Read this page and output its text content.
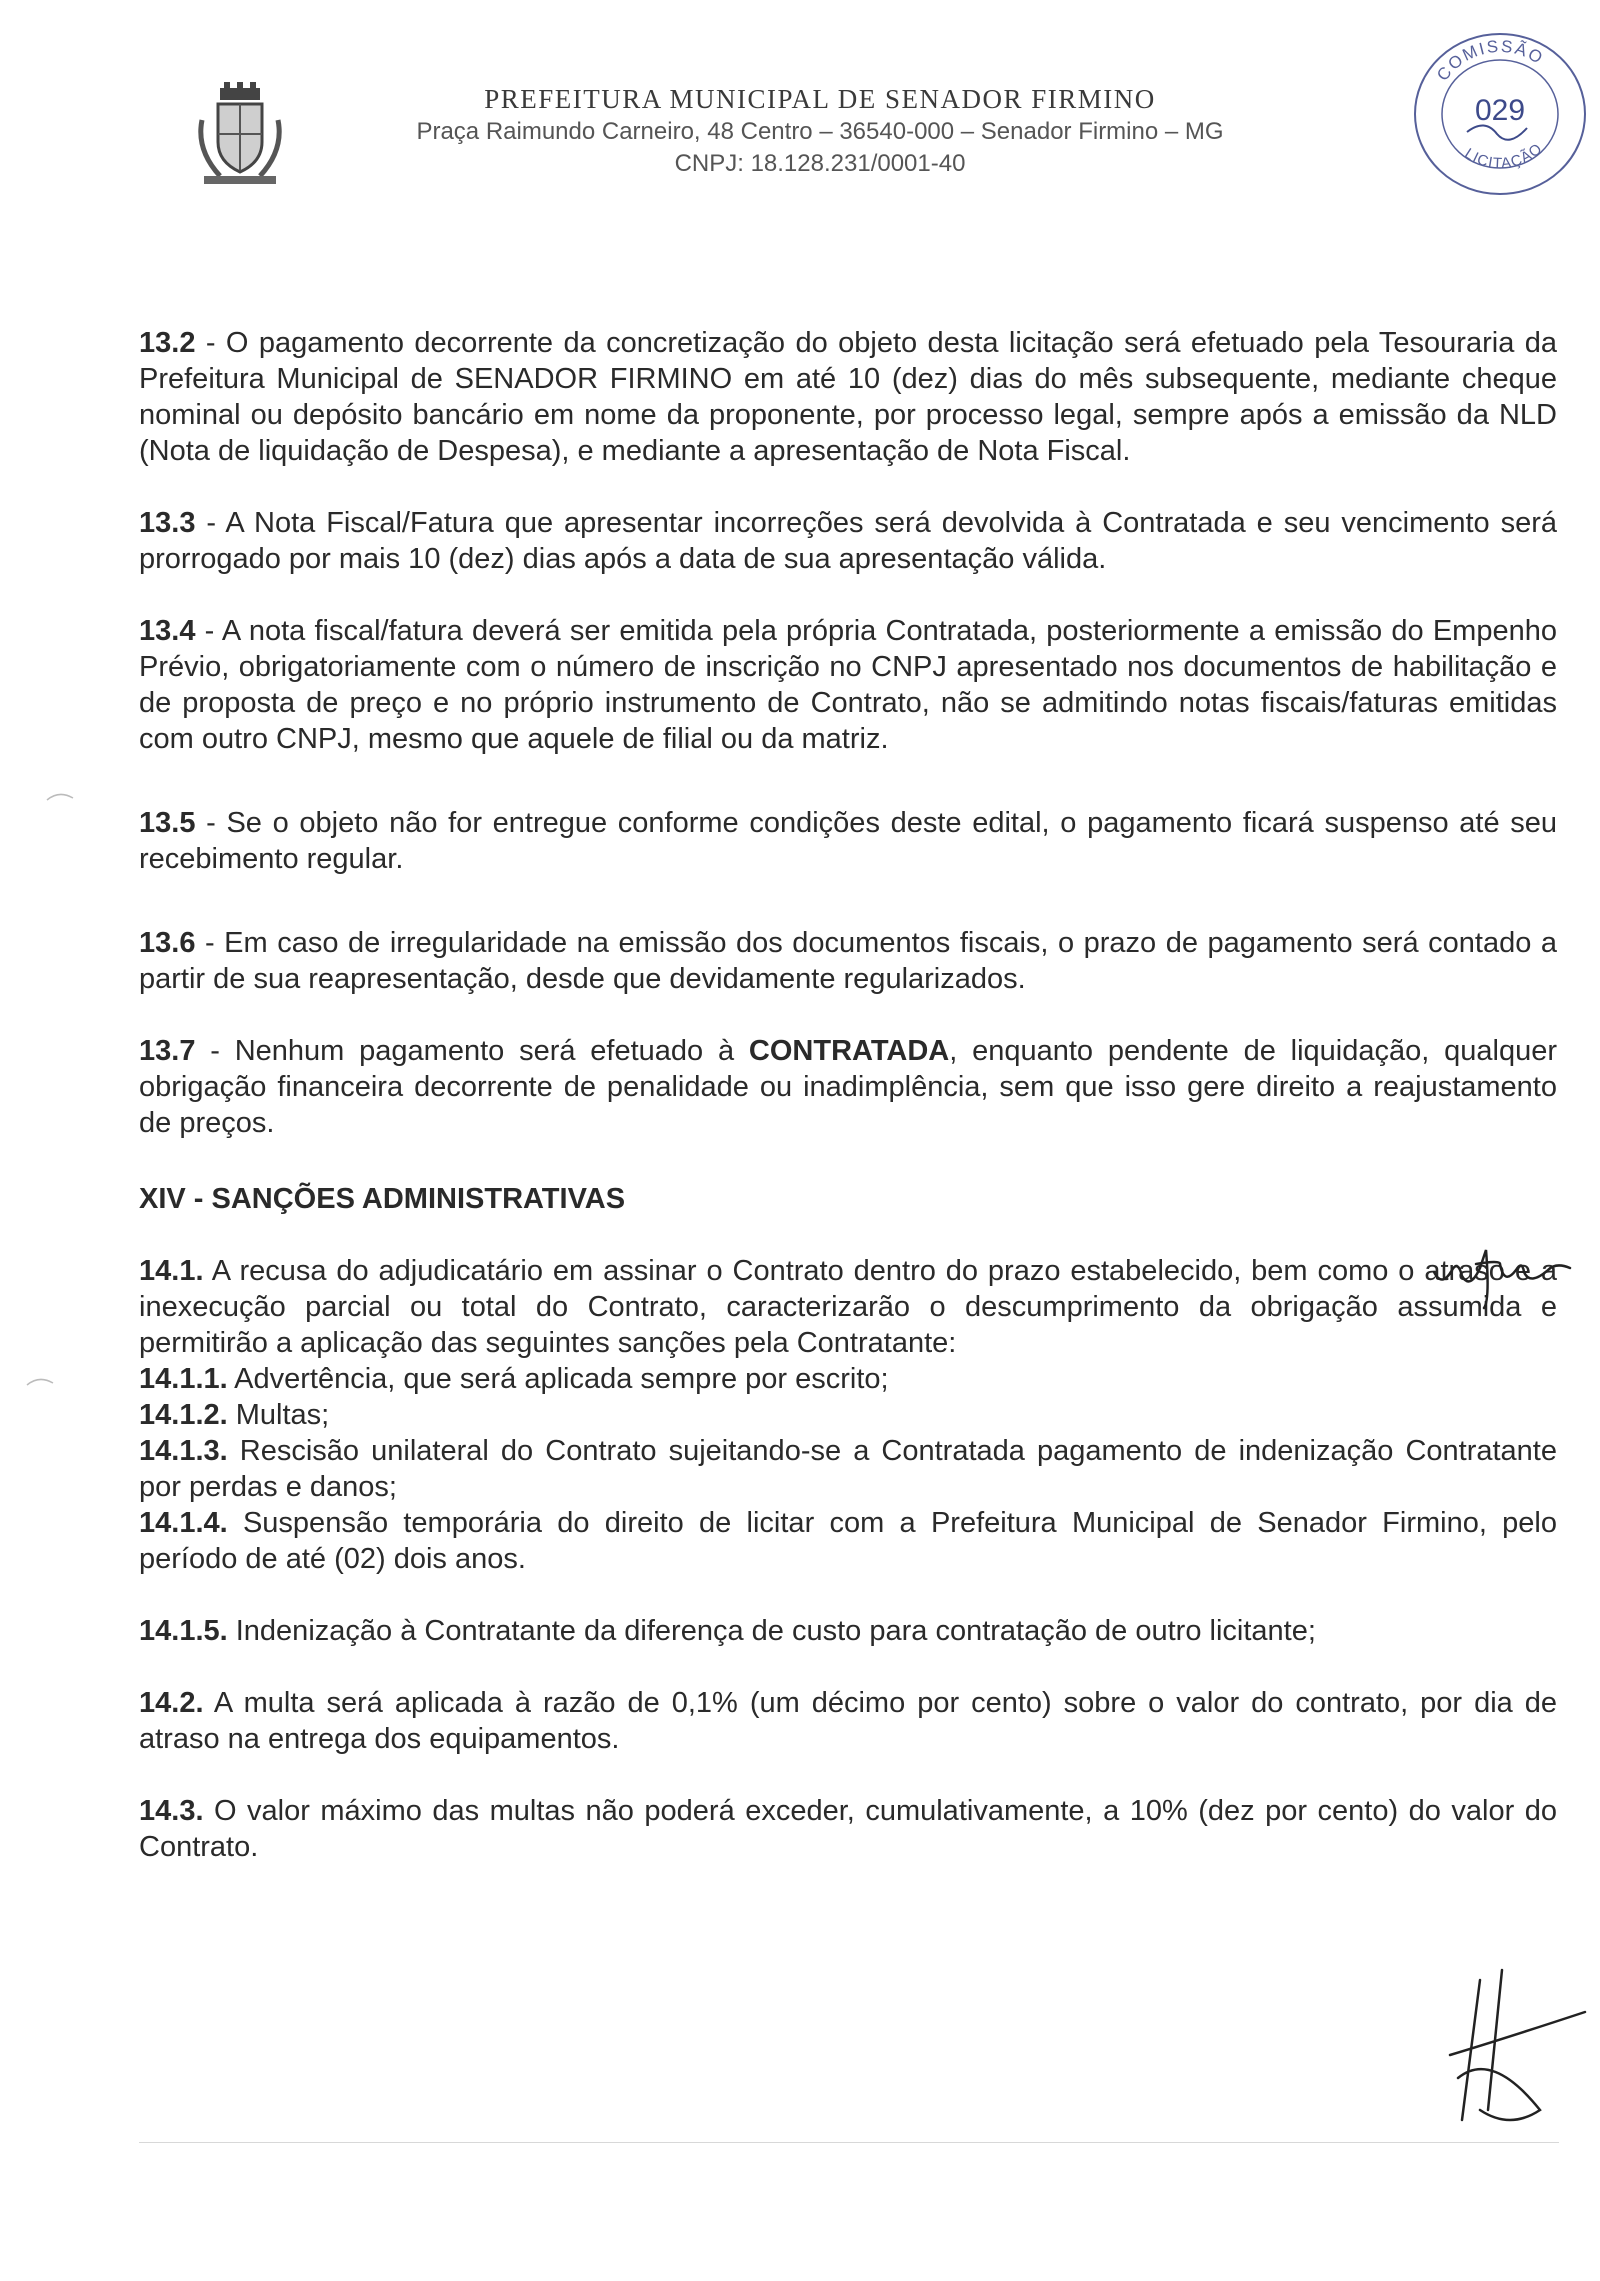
PREFEITURA MUNICIPAL DE SENADOR FIRMINO
Praça Raimundo Carneiro, 48 Centro – 36540-000 – Senador Firmino – MG
CNPJ: 18.128.231/0001-40
COMISSÃO
LICITAÇÃO
029

13.2 - O pagamento decorrente da concretização do objeto desta licitação será efetuado pela Tesouraria da Prefeitura Municipal de SENADOR FIRMINO em até 10 (dez) dias do mês subsequente, mediante cheque nominal ou depósito bancário em nome da proponente, por processo legal, sempre após a emissão da NLD (Nota de liquidação de Despesa), e mediante a apresentação de Nota Fiscal.

13.3 - A Nota Fiscal/Fatura que apresentar incorreções será devolvida à Contratada e seu vencimento será prorrogado por mais 10 (dez) dias após a data de sua apresentação válida.

13.4 - A nota fiscal/fatura deverá ser emitida pela própria Contratada, posteriormente a emissão do Empenho Prévio, obrigatoriamente com o número de inscrição no CNPJ apresentado nos documentos de habilitação e de proposta de preço e no próprio instrumento de Contrato, não se admitindo notas fiscais/faturas emitidas com outro CNPJ, mesmo que aquele de filial ou da matriz.

13.5 - Se o objeto não for entregue conforme condições deste edital, o pagamento ficará suspenso até seu recebimento regular.

13.6 - Em caso de irregularidade na emissão dos documentos fiscais, o prazo de pagamento será contado a partir de sua reapresentação, desde que devidamente regularizados.

13.7 - Nenhum pagamento será efetuado à CONTRATADA, enquanto pendente de liquidação, qualquer obrigação financeira decorrente de penalidade ou inadimplência, sem que isso gere direito a reajustamento de preços.

XIV - SANÇÕES ADMINISTRATIVAS

14.1. A recusa do adjudicatário em assinar o Contrato dentro do prazo estabelecido, bem como o atraso e a inexecução parcial ou total do Contrato, caracterizarão o descumprimento da obrigação assumida e permitirão a aplicação das seguintes sanções pela Contratante:

14.1.1. Advertência, que será aplicada sempre por escrito;

14.1.2. Multas;

14.1.3. Rescisão unilateral do Contrato sujeitando-se a Contratada pagamento de indenização Contratante por perdas e danos;

14.1.4. Suspensão temporária do direito de licitar com a Prefeitura Municipal de Senador Firmino, pelo período de até (02) dois anos.

14.1.5. Indenização à Contratante da diferença de custo para contratação de outro licitante;

14.2. A multa será aplicada à razão de 0,1% (um décimo por cento) sobre o valor do contrato, por dia de atraso na entrega dos equipamentos.

14.3. O valor máximo das multas não poderá exceder, cumulativamente, a 10% (dez por cento) do valor do Contrato.
